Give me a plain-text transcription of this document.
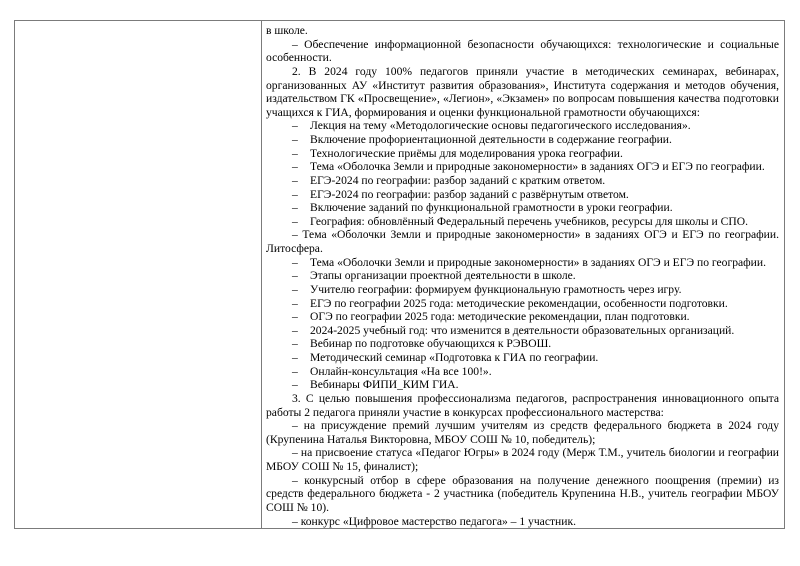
в школе.

– Обеспечение информационной безопасности обучающихся: технологические и социальные особенности.

2. В 2024 году 100% педагогов приняли участие в методических семинарах, вебинарах, организованных АУ «Институт развития образования», Института содержания и методов обучения, издательством ГК «Просвещение», «Легион», «Экзамен» по вопросам повышения качества подготовки учащихся к ГИА, формирования и оценки функциональной грамотности обучающихся:

–	Лекция на тему «Методологические основы педагогического исследования».
–	Включение профориентационной деятельности в содержание географии.
–	Технологические приёмы для моделирования урока географии.
–	Тема «Оболочка Земли и природные закономерности» в заданиях ОГЭ и ЕГЭ по географии.
–	ЕГЭ-2024 по географии: разбор заданий с кратким ответом.
–	ЕГЭ-2024 по географии: разбор заданий с развёрнутым ответом.
–	Включение заданий по функциональной грамотности в уроки географии.
–	География: обновлённый Федеральный перечень учебников, ресурсы для школы и СПО.

– Тема «Оболочки Земли и природные закономерности» в заданиях ОГЭ и ЕГЭ по географии. Литосфера.

–	Тема «Оболочки Земли и природные закономерности» в заданиях ОГЭ и ЕГЭ по географии.
–	Этапы организации проектной деятельности в школе.
–	Учителю географии: формируем функциональную грамотность через игру.
–	ЕГЭ по географии 2025 года: методические рекомендации, особенности подготовки.
–	ОГЭ по географии 2025 года: методические рекомендации, план подготовки.
–	2024-2025 учебный год: что изменится в деятельности образовательных организаций.
–	Вебинар по подготовке обучающихся к РЭВОШ.
–	Методический семинар «Подготовка к ГИА по географии.
–	Онлайн-консультация «На все 100!».
–	Вебинары ФИПИ_КИМ ГИА.

3. С целью повышения профессионализма педагогов, распространения инновационного опыта работы 2 педагога приняли участие в конкурсах профессионального мастерства:

– на присуждение премий лучшим учителям из средств федерального бюджета в 2024 году (Крупенина Наталья Викторовна, МБОУ СОШ № 10, победитель);

– на присвоение статуса «Педагог Югры» в 2024 году (Мерж Т.М., учитель биологии и географии МБОУ СОШ № 15, финалист);

– конкурсный отбор в сфере образования на получение денежного поощрения (премии) из средств федерального бюджета - 2 участника (победитель Крупенина Н.В., учитель географии МБОУ СОШ № 10).

– конкурс «Цифровое мастерство педагога» – 1 участник.
